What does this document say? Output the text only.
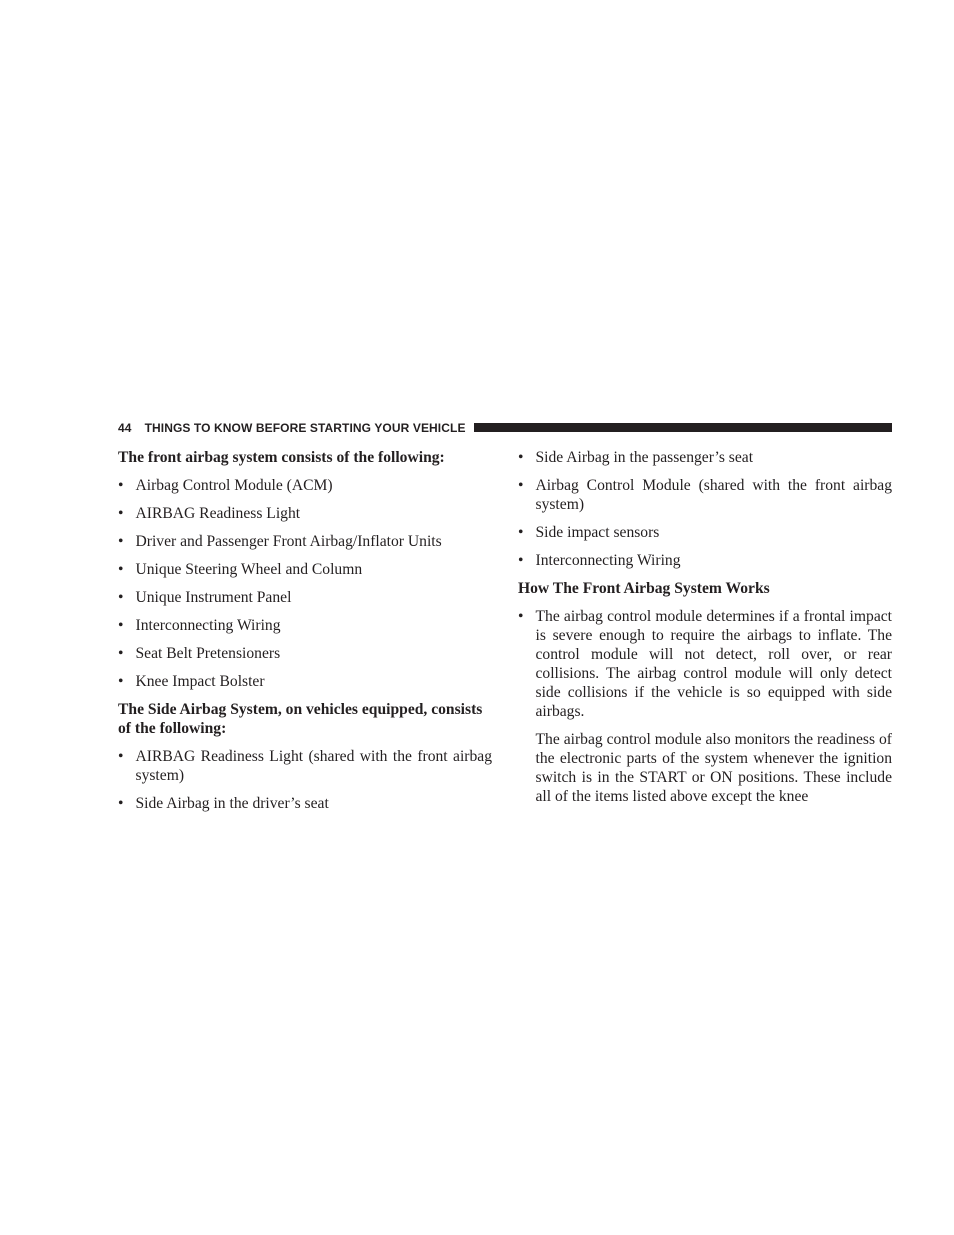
44 THINGS TO KNOW BEFORE STARTING YOUR VEHICLE

The front airbag system consists of the following:

• Airbag Control Module (ACM)
• AIRBAG Readiness Light
• Driver and Passenger Front Airbag/Inflator Units
• Unique Steering Wheel and Column
• Unique Instrument Panel
• Interconnecting Wiring
• Seat Belt Pretensioners
• Knee Impact Bolster

The Side Airbag System, on vehicles equipped, consists of the following:

• AIRBAG Readiness Light (shared with the front airbag system)
• Side Airbag in the driver’s seat
• Side Airbag in the passenger’s seat
• Airbag Control Module (shared with the front airbag system)
• Side impact sensors
• Interconnecting Wiring

How The Front Airbag System Works

• The airbag control module determines if a frontal impact is severe enough to require the airbags to inflate. The control module will not detect, roll over, or rear collisions. The airbag control module will only detect side collisions if the vehicle is so equipped with side airbags.

The airbag control module also monitors the readiness of the electronic parts of the system whenever the ignition switch is in the START or ON positions. These include all of the items listed above except the knee
